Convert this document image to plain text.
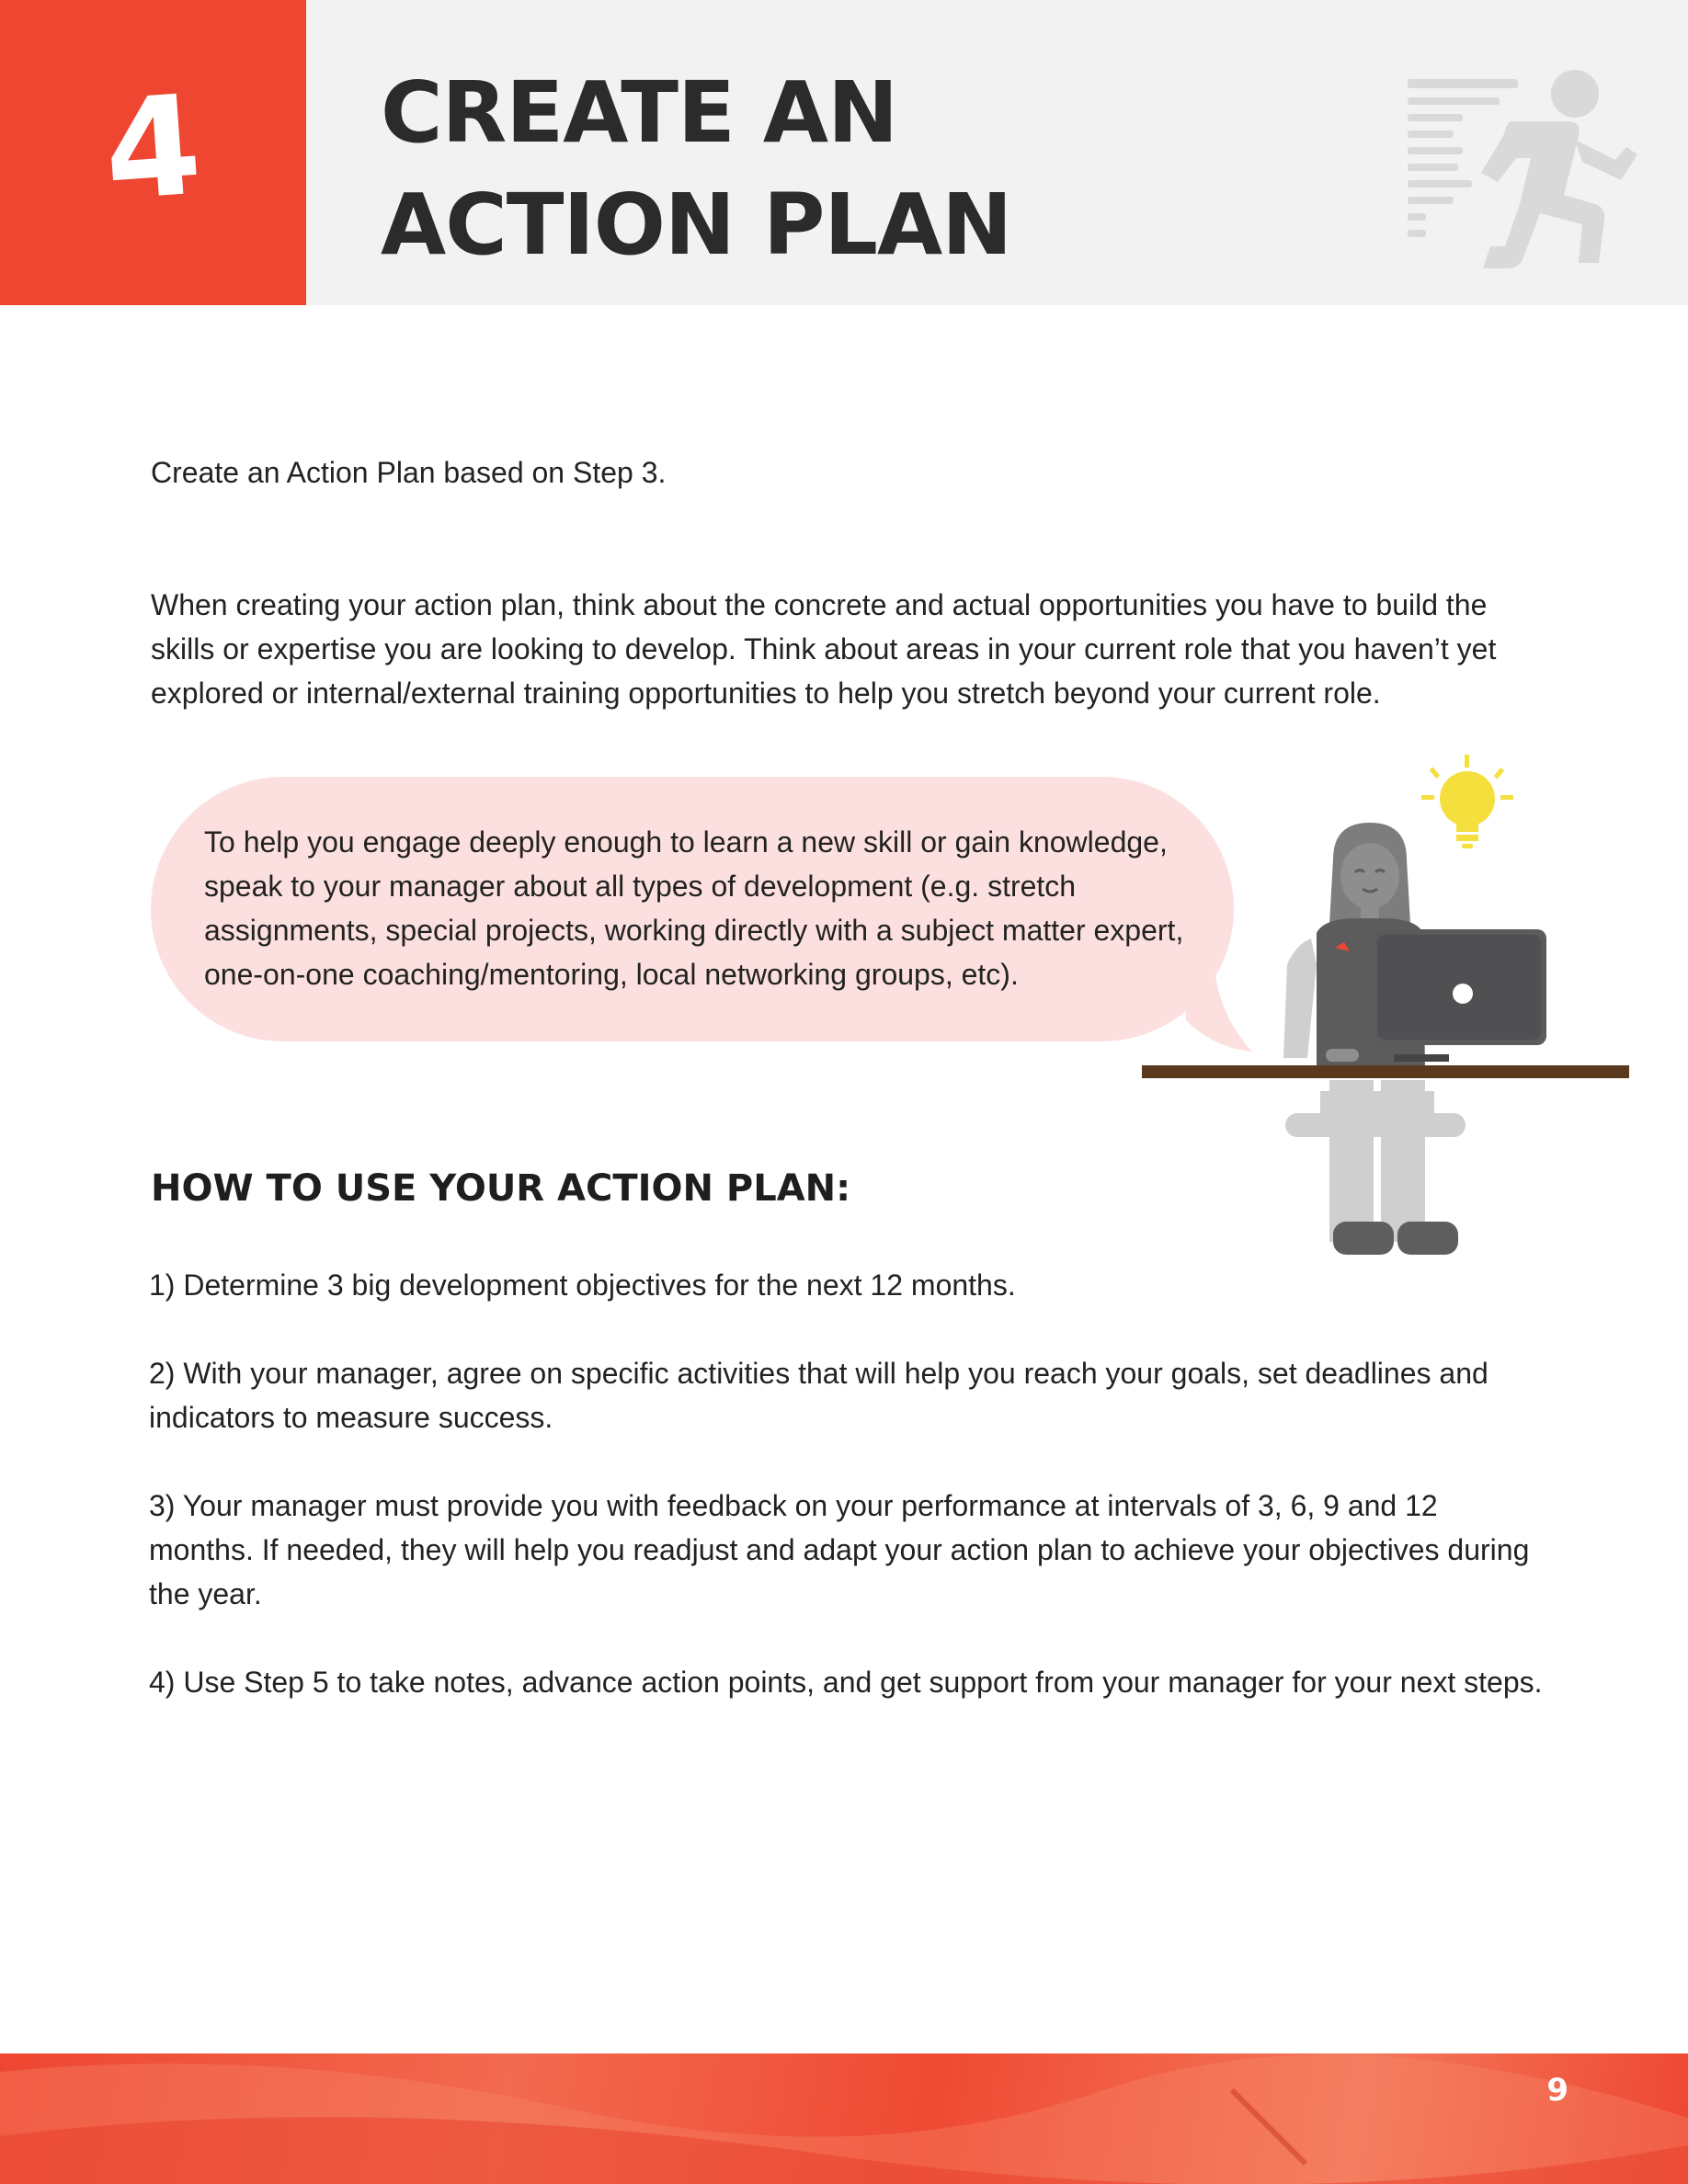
4 CREATE AN
ACTION PLAN

Create an Action Plan based on Step 3.

When creating your action plan, think about the concrete and actual opportunities you have to build the skills or expertise you are looking to develop. Think about areas in your current role that you haven’t yet explored or internal/external training opportunities to help you stretch beyond your current role.

To help you engage deeply enough to learn a new skill or gain knowledge, speak to your manager about all types of development (e.g. stretch assignments, special projects, working directly with a subject matter expert, one-on-one coaching/mentoring, local networking groups, etc).

HOW TO USE YOUR ACTION PLAN:

1) Determine 3 big development objectives for the next 12 months.

2) With your manager, agree on specific activities that will help you reach your goals, set deadlines and indicators to measure success.

3) Your manager must provide you with feedback on your performance at intervals of 3, 6, 9 and 12 months. If needed, they will help you readjust and adapt your action plan to achieve your objectives during the year.

4) Use Step 5 to take notes, advance action points, and get support from your manager for your next steps.

9
